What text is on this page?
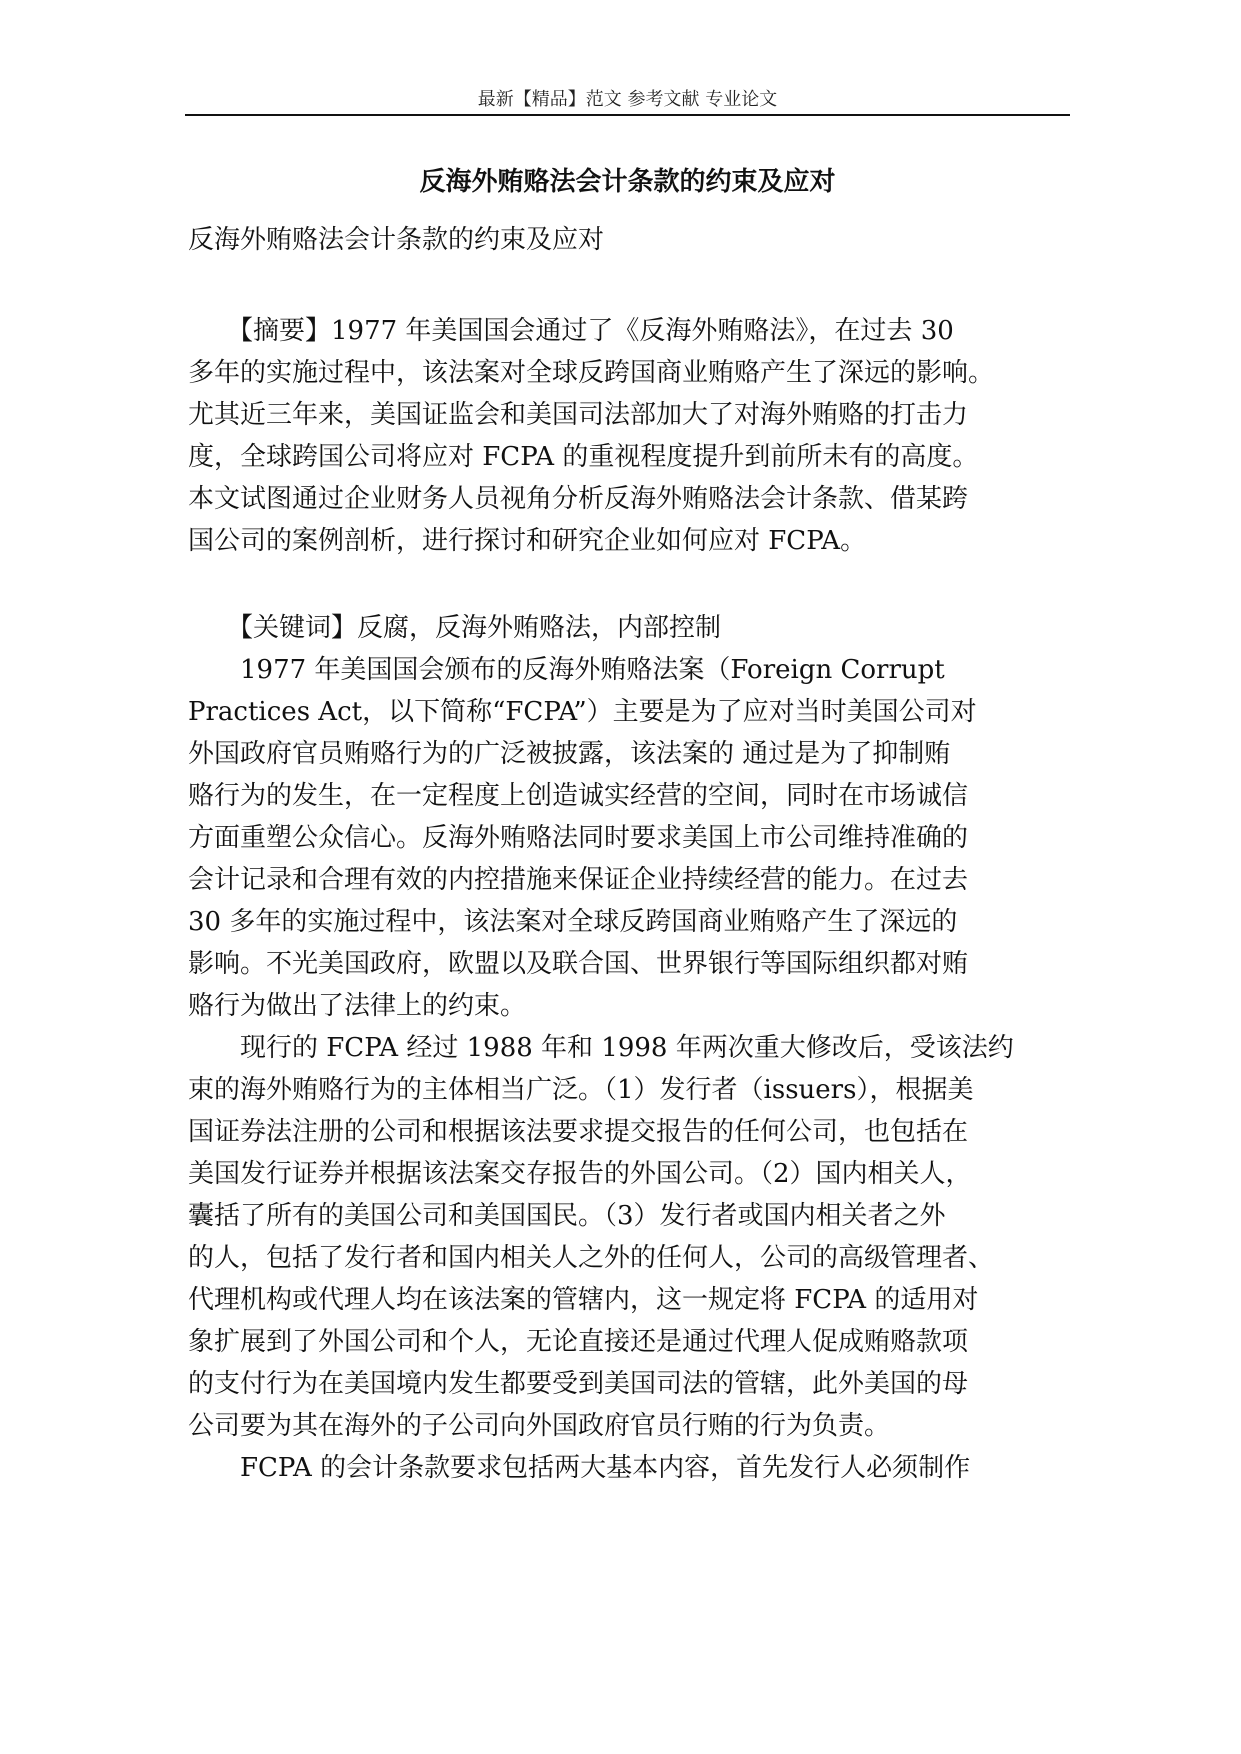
最新【精品】范文 参考文献 专业论文
反海外贿赂法会计条款的约束及应对
反海外贿赂法会计条款的约束及应对
　　【摘要】1977 年美国国会通过了《反海外贿赂法》，在过去 30
多年的实施过程中，该法案对全球反跨国商业贿赂产生了深远的影响。
尤其近三年来，美国证监会和美国司法部加大了对海外贿赂的打击力
度，全球跨国公司将应对 FCPA 的重视程度提升到前所未有的高度。
本文试图通过企业财务人员视角分析反海外贿赂法会计条款、借某跨
国公司的案例剖析，进行探讨和研究企业如何应对 FCPA。
　　【关键词】反腐，反海外贿赂法，内部控制
　　1977 年美国国会颁布的反海外贿赂法案（Foreign Corrupt
Practices Act，以下简称“FCPA”）主要是为了应对当时美国公司对
外国政府官员贿赂行为的广泛被披露，该法案的 通过是为了抑制贿
赂行为的发生，在一定程度上创造诚实经营的空间，同时在市场诚信
方面重塑公众信心。反海外贿赂法同时要求美国上市公司维持准确的
会计记录和合理有效的内控措施来保证企业持续经营的能力。在过去
30 多年的实施过程中，该法案对全球反跨国商业贿赂产生了深远的
影响。不光美国政府，欧盟以及联合国、世界银行等国际组织都对贿
赂行为做出了法律上的约束。
　　现行的 FCPA 经过 1988 年和 1998 年两次重大修改后，受该法约
束的海外贿赂行为的主体相当广泛。（1）发行者（issuers），根据美
国证券法注册的公司和根据该法要求提交报告的任何公司，也包括在
美国发行证券并根据该法案交存报告的外国公司。（2）国内相关人，
囊括了所有的美国公司和美国国民。（3）发行者或国内相关者之外
的人，包括了发行者和国内相关人之外的任何人，公司的高级管理者、
代理机构或代理人均在该法案的管辖内，这一规定将 FCPA 的适用对
象扩展到了外国公司和个人，无论直接还是通过代理人促成贿赂款项
的支付行为在美国境内发生都要受到美国司法的管辖，此外美国的母
公司要为其在海外的子公司向外国政府官员行贿的行为负责。
　　FCPA 的会计条款要求包括两大基本内容，首先发行人必须制作
